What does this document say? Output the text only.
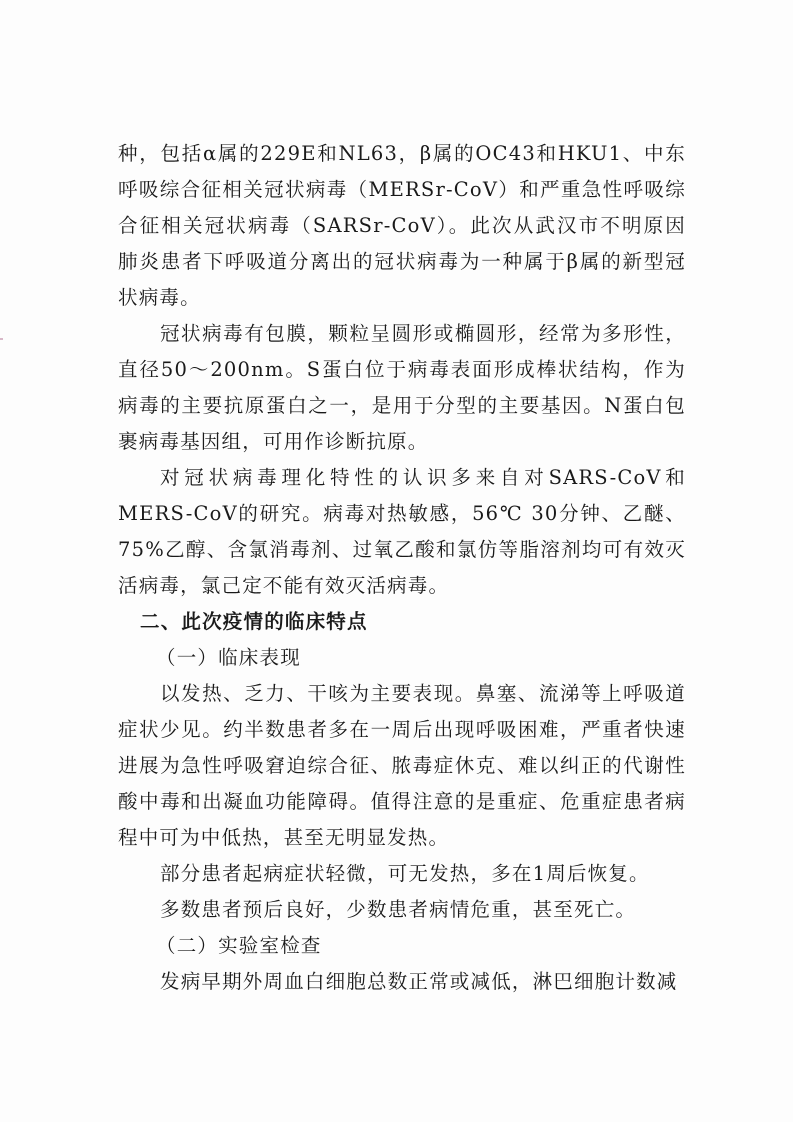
种，包括α属的229E和NL63，β属的OC43和HKU1、中东呼吸综合征相关冠状病毒（MERSr-CoV）和严重急性呼吸综合征相关冠状病毒（SARSr-CoV）。此次从武汉市不明原因肺炎患者下呼吸道分离出的冠状病毒为一种属于β属的新型冠状病毒。

冠状病毒有包膜，颗粒呈圆形或椭圆形，经常为多形性，直径50～200nm。S蛋白位于病毒表面形成棒状结构，作为病毒的主要抗原蛋白之一，是用于分型的主要基因。N蛋白包裹病毒基因组，可用作诊断抗原。

对冠状病毒理化特性的认识多来自对SARS-CoV和MERS-CoV的研究。病毒对热敏感，56℃ 30分钟、乙醚、75%乙醇、含氯消毒剂、过氧乙酸和氯仿等脂溶剂均可有效灭活病毒，氯己定不能有效灭活病毒。

二、此次疫情的临床特点

（一）临床表现

以发热、乏力、干咳为主要表现。鼻塞、流涕等上呼吸道症状少见。约半数患者多在一周后出现呼吸困难，严重者快速进展为急性呼吸窘迫综合征、脓毒症休克、难以纠正的代谢性酸中毒和出凝血功能障碍。值得注意的是重症、危重症患者病程中可为中低热，甚至无明显发热。

部分患者起病症状轻微，可无发热，多在1周后恢复。

多数患者预后良好，少数患者病情危重，甚至死亡。

（二）实验室检查

发病早期外周血白细胞总数正常或减低，淋巴细胞计数减
